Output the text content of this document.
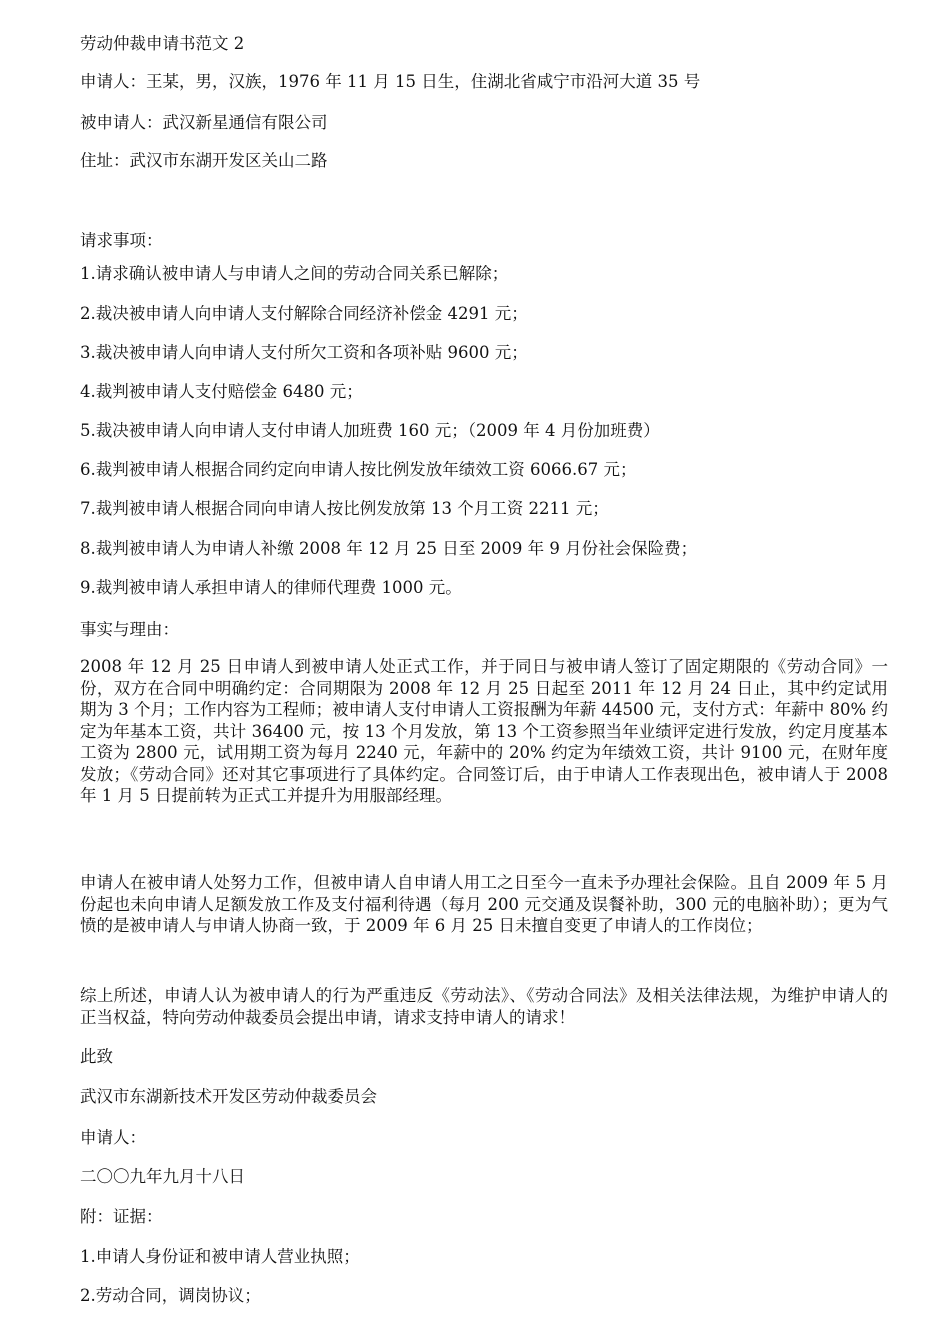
劳动仲裁申请书范文 2
申请人：王某，男，汉族，1976 年 11 月 15 日生，住湖北省咸宁市沿河大道 35 号
被申请人：武汉新星通信有限公司
住址：武汉市东湖开发区关山二路
请求事项：
1.请求确认被申请人与申请人之间的劳动合同关系已解除；
2.裁决被申请人向申请人支付解除合同经济补偿金 4291 元；
3.裁决被申请人向申请人支付所欠工资和各项补贴 9600 元；
4.裁判被申请人支付赔偿金 6480 元；
5.裁决被申请人向申请人支付申请人加班费 160 元；（2009 年 4 月份加班费）
6.裁判被申请人根据合同约定向申请人按比例发放年绩效工资 6066.67 元；
7.裁判被申请人根据合同向申请人按比例发放第 13 个月工资 2211 元；
8.裁判被申请人为申请人补缴 2008 年 12 月 25 日至 2009 年 9 月份社会保险费；
9.裁判被申请人承担申请人的律师代理费 1000 元。
事实与理由：
2008 年 12 月 25 日申请人到被申请人处正式工作，并于同日与被申请人签订了固定期限的《劳动合同》一份，双方在合同中明确约定：合同期限为 2008 年 12 月 25 日起至 2011 年 12 月 24 日止，其中约定试用期为 3 个月；工作内容为工程师；被申请人支付申请人工资报酬为年薪 44500 元，支付方式：年薪中 80% 约定为年基本工资，共计 36400 元，按 13 个月发放，第 13 个工资参照当年业绩评定进行发放，约定月度基本工资为 2800 元，试用期工资为每月 2240 元，年薪中的 20% 约定为年绩效工资，共计 9100 元，在财年度发放；《劳动合同》还对其它事项进行了具体约定。合同签订后，由于申请人工作表现出色，被申请人于 2008 年 1 月 5 日提前转为正式工并提升为用服部经理。
申请人在被申请人处努力工作，但被申请人自申请人用工之日至今一直未予办理社会保险。且自 2009 年 5 月份起也未向申请人足额发放工作及支付福利待遇（每月 200 元交通及误餐补助，300 元的电脑补助）；更为气愤的是被申请人与申请人协商一致，于 2009 年 6 月 25 日未擅自变更了申请人的工作岗位；
综上所述，申请人认为被申请人的行为严重违反《劳动法》、《劳动合同法》及相关法律法规，为维护申请人的正当权益，特向劳动仲裁委员会提出申请，请求支持申请人的请求！
此致
武汉市东湖新技术开发区劳动仲裁委员会
申请人：
二〇〇九年九月十八日
附：证据：
1.申请人身份证和被申请人营业执照；
2.劳动合同，调岗协议；
